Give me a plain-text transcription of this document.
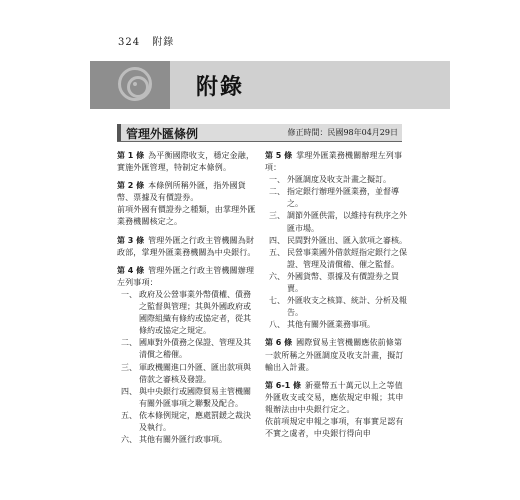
324 附錄
附錄
管理外匯條例	修正時間：民國98年04月29日
第 1 條 為平衡國際收支，穩定金融，實施外匯管理，特制定本條例。
第 2 條 本條例所稱外匯，指外國貨幣、票據及有價證券。
前項外國有價證券之種類，由掌理外匯業務機關核定之。
第 3 條 管理外匯之行政主管機關為財政部，掌理外匯業務機關為中央銀行。
第 4 條 管理外匯之行政主管機關辦理左列事項：
一、 政府及公營事業外幣債權、債務之監督與管理；其與外國政府或國際組織有條約或協定者，從其條約或協定之規定。
二、 國庫對外債務之保證、管理及其清償之稽催。
三、 軍政機關進口外匯、匯出款項與借款之審核及發證。
四、 與中央銀行或國際貿易主管機關有關外匯事項之聯繫及配合。
五、 依本條例規定，應處罰鍰之裁決及執行。
六、 其他有關外匯行政事項。
第 5 條 掌理外匯業務機關辦理左列事項：
一、 外匯調度及收支計畫之擬訂。
二、 指定銀行辦理外匯業務，並督導之。
三、 調節外匯供需，以維持有秩序之外匯市場。
四、 民間對外匯出、匯入款項之審核。
五、 民營事業國外借款經指定銀行之保證、管理及清償稽、催之監督。
六、 外國貨幣、票據及有價證券之買賣。
七、 外匯收支之核算、統計、分析及報告。
八、 其他有關外匯業務事項。
第 6 條 國際貿易主管機關應依前條第一款所稱之外匯調度及收支計畫，擬訂輸出入計畫。
第 6-1 條 新臺幣五十萬元以上之等值外匯收支或交易，應依規定申報；其申報辦法由中央銀行定之。
依前項規定申報之事項，有事實足認有不實之虞者，中央銀行得向申
